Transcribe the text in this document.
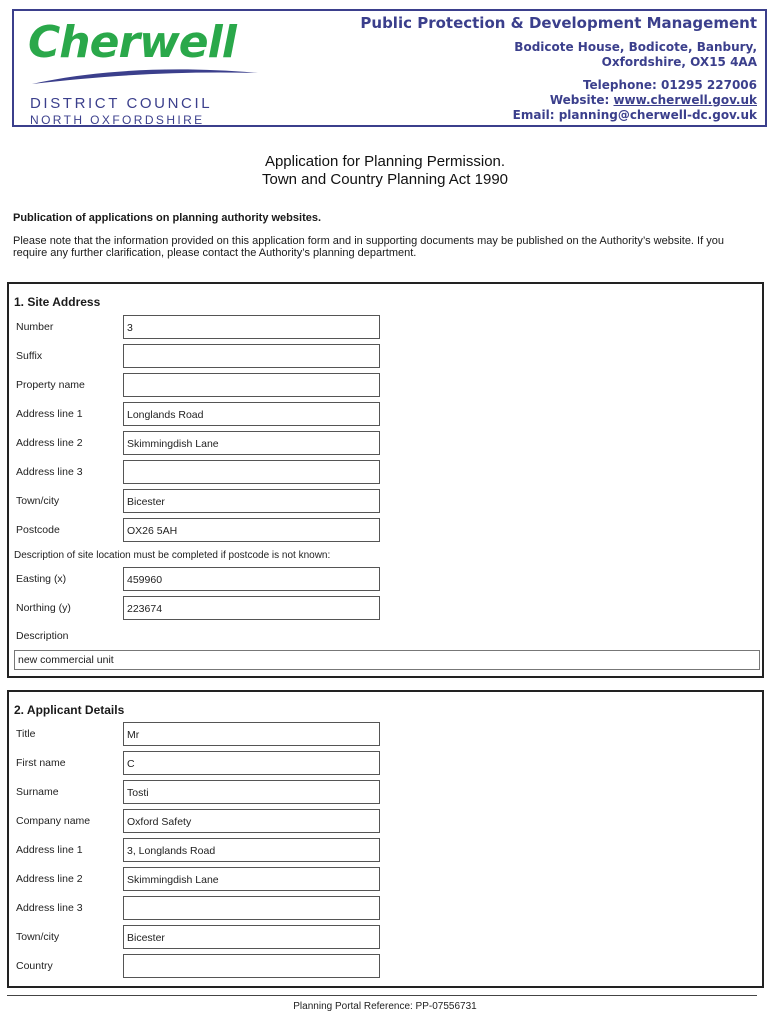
Cherwell
DISTRICT COUNCIL
NORTH OXFORDSHIRE
Public Protection & Development Management
Bodicote House, Bodicote, Banbury,
Oxfordshire, OX15 4AA
Telephone: 01295 227006
Website: www.cherwell.gov.uk
Email: planning@cherwell-dc.gov.uk
Application for Planning Permission.
Town and Country Planning Act 1990
Publication of applications on planning authority websites.
Please note that the information provided on this application form and in supporting documents may be published on the Authority’s website. If you require any further clarification, please contact the Authority’s planning department.
1. Site Address
Number	3
Suffix
Property name
Address line 1	Longlands Road
Address line 2	Skimmingdish Lane
Address line 3
Town/city	Bicester
Postcode	OX26 5AH
Description of site location must be completed if postcode is not known:
Easting (x)	459960
Northing (y)	223674
Description
new commercial unit
2. Applicant Details
Title	Mr
First name	C
Surname	Tosti
Company name	Oxford Safety
Address line 1	3, Longlands Road
Address line 2	Skimmingdish Lane
Address line 3
Town/city	Bicester
Country
Planning Portal Reference: PP-07556731
